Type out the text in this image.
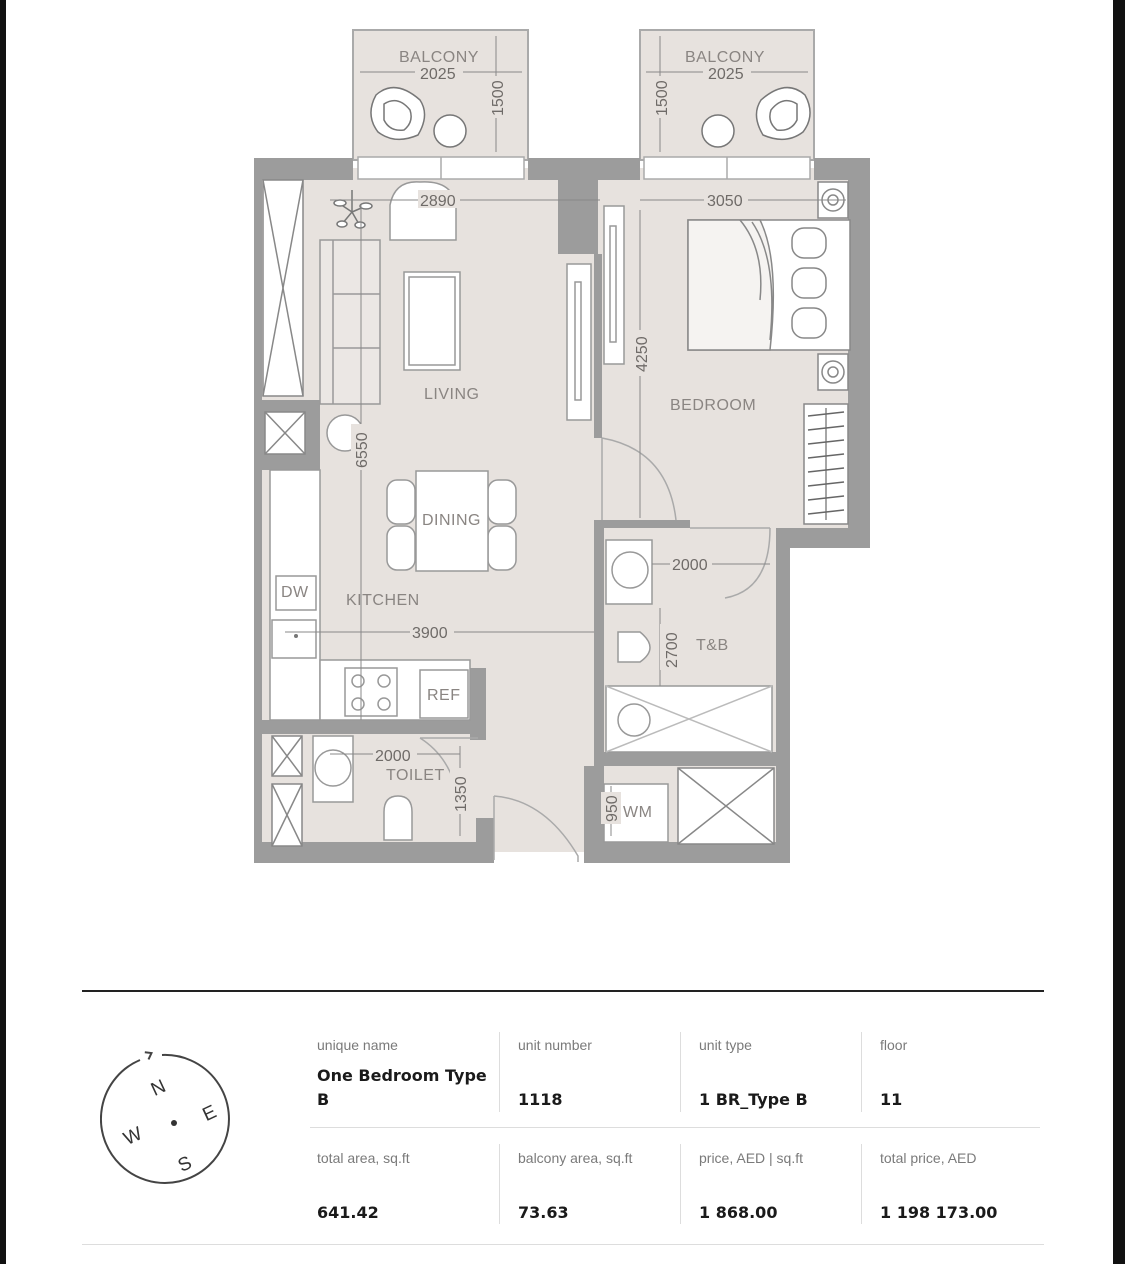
2025
1500
2025
1500
2890	3050
4250
6550
2000
2700
3900
2000
1350	950
BALCONY	BALCONY
LIVING
BEDROOM
DINING
KITCHEN
T&B
TOILET
DW
REF
WM
N
E
S
W
unique name
One Bedroom Type
B
unit number
1118
unit type
1 BR_Type B
floor
11
total area, sq.ft
641.42
balcony area, sq.ft
73.63
price, AED | sq.ft
1 868.00
total price, AED
1 198 173.00
